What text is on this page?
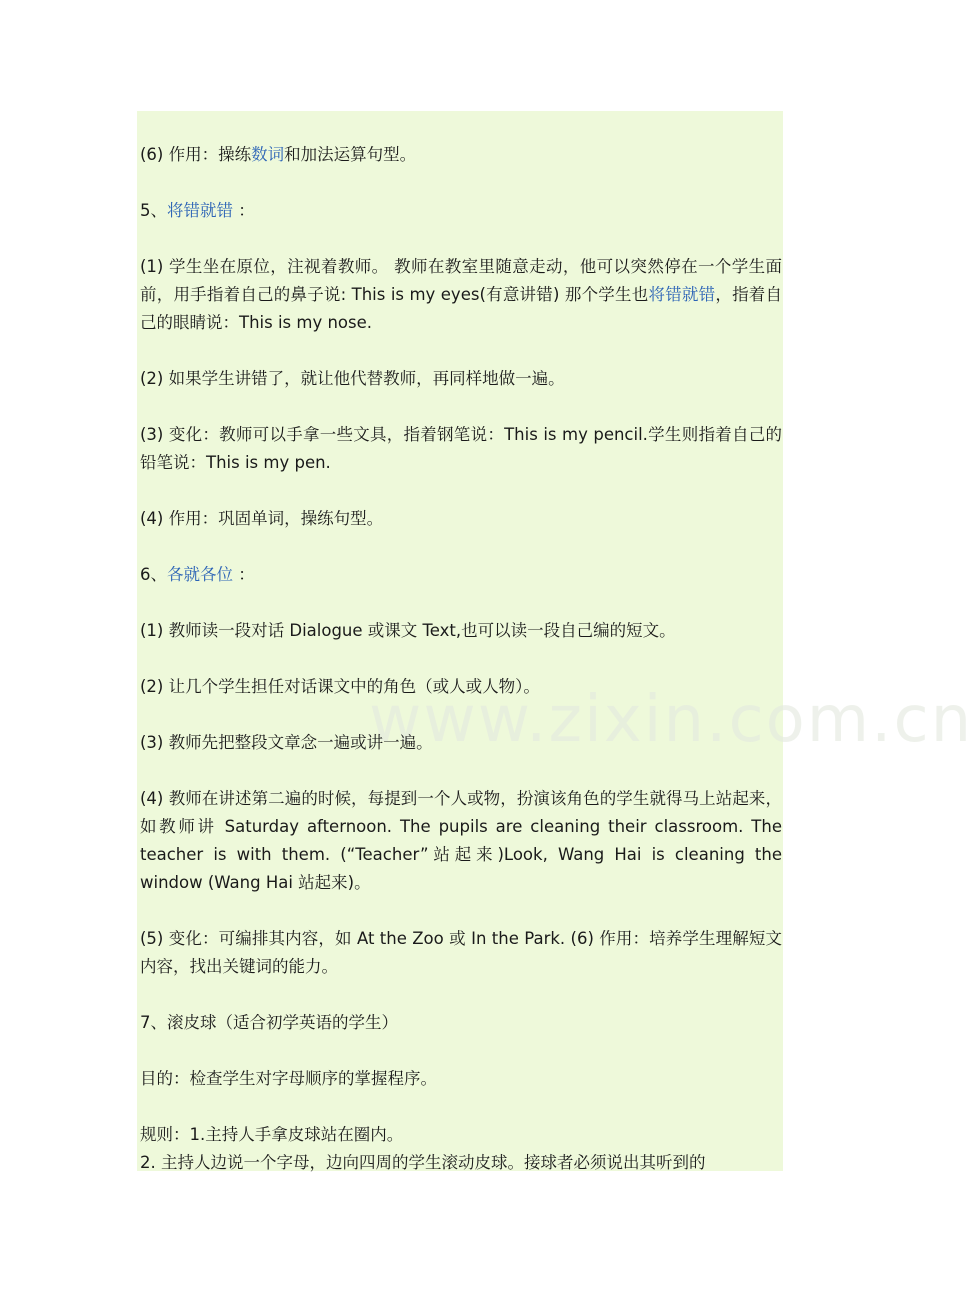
www.zixin.com.cn

(6) 作用：操练数词和加法运算句型。

5、将错就错 ：

(1) 学生坐在原位，注视着教师。 教师在教室里随意走动，他可以突然停在一个学生面前，用手指着自己的鼻子说: This is my eyes(有意讲错) 那个学生也将错就错，指着自己的眼睛说：This is my nose.

(2) 如果学生讲错了，就让他代替教师，再同样地做一遍。

(3) 变化：教师可以手拿一些文具，指着钢笔说：This is my pencil.学生则指着自己的铅笔说：This is my pen.

(4) 作用：巩固单词，操练句型。

6、各就各位 ：

(1) 教师读一段对话 Dialogue 或课文 Text,也可以读一段自己编的短文。

(2) 让几个学生担任对话课文中的角色（或人或人物）。

(3) 教师先把整段文章念一遍或讲一遍。

(4) 教师在讲述第二遍的时候，每提到一个人或物，扮演该角色的学生就得马上站起来，如教师讲 Saturday afternoon. The pupils are cleaning their classroom. The teacher is with them. (“Teacher”站起来)Look, Wang Hai is cleaning the window (Wang Hai 站起来)。

(5) 变化：可编排其内容，如 At the Zoo 或 In the Park. (6) 作用：培养学生理解短文内容，找出关键词的能力。

7、滚皮球（适合初学英语的学生）

目的：检查学生对字母顺序的掌握程序。

规则：1.主持人手拿皮球站在圈内。

2. 主持人边说一个字母，边向四周的学生滚动皮球。接球者必须说出其听到的
